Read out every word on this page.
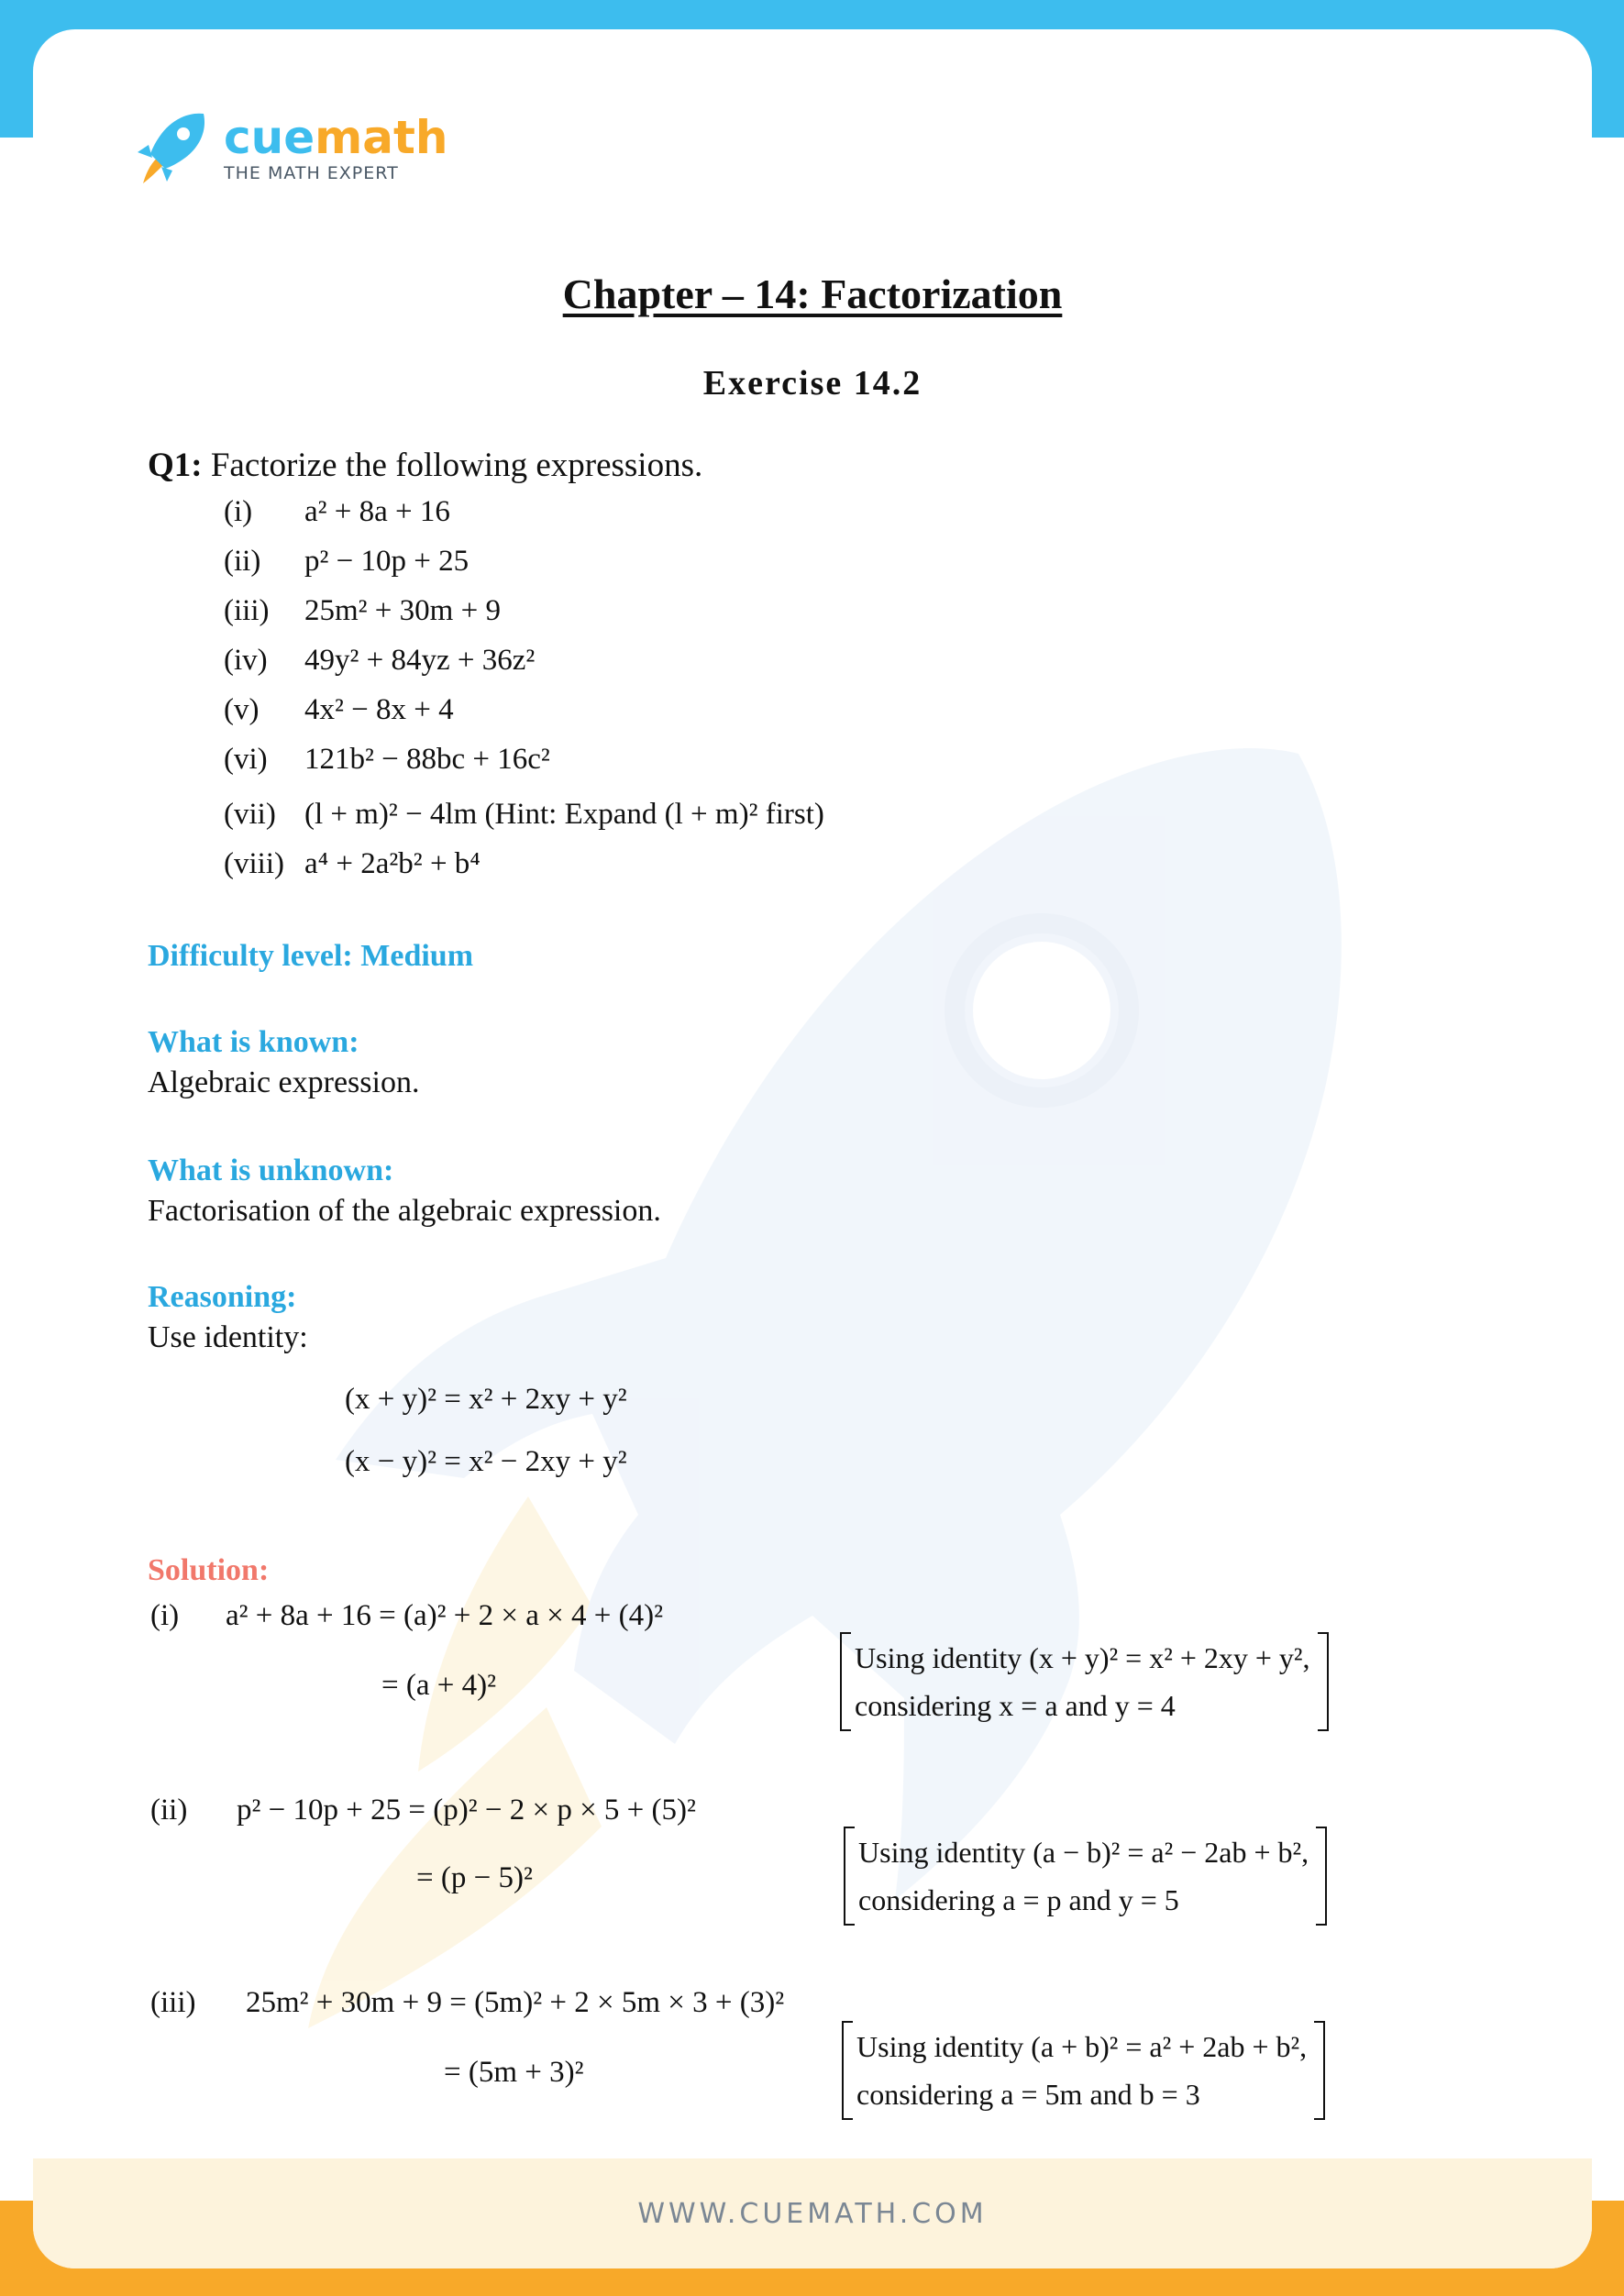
cuemath
THE MATH EXPERT
Chapter – 14: Factorization
Exercise 14.2
Q1: Factorize the following expressions.
(i)	a² + 8a + 16
(ii)	p² − 10p + 25
(iii)	25m² + 30m + 9
(iv)	49y² + 84yz + 36z²
(v)	4x² − 8x + 4
(vi)	121b² − 88bc + 16c²
(vii) (l + m)² − 4lm (Hint: Expand (l + m)² first)
(viii) a⁴ + 2a²b² + b⁴
Difficulty level: Medium
What is known:
Algebraic expression.
What is unknown:
Factorisation of the algebraic expression.
Reasoning:
Use identity:
(x + y)² = x² + 2xy + y²
(x − y)² = x² − 2xy + y²
Solution:
(i) a² + 8a + 16 = (a)² + 2 × a × 4 + (4)²
= (a + 4)²
Using identity (x + y)² = x² + 2xy + y²,
considering x = a and y = 4
(ii) p² − 10p + 25 = (p)² − 2 × p × 5 + (5)²
= (p − 5)²
Using identity (a − b)² = a² − 2ab + b²,
considering a = p and y = 5
(iii) 25m² + 30m + 9 = (5m)² + 2 × 5m × 3 + (3)²
= (5m + 3)²
Using identity (a + b)² = a² + 2ab + b²,
considering a = 5m and b = 3
WWW.CUEMATH.COM
